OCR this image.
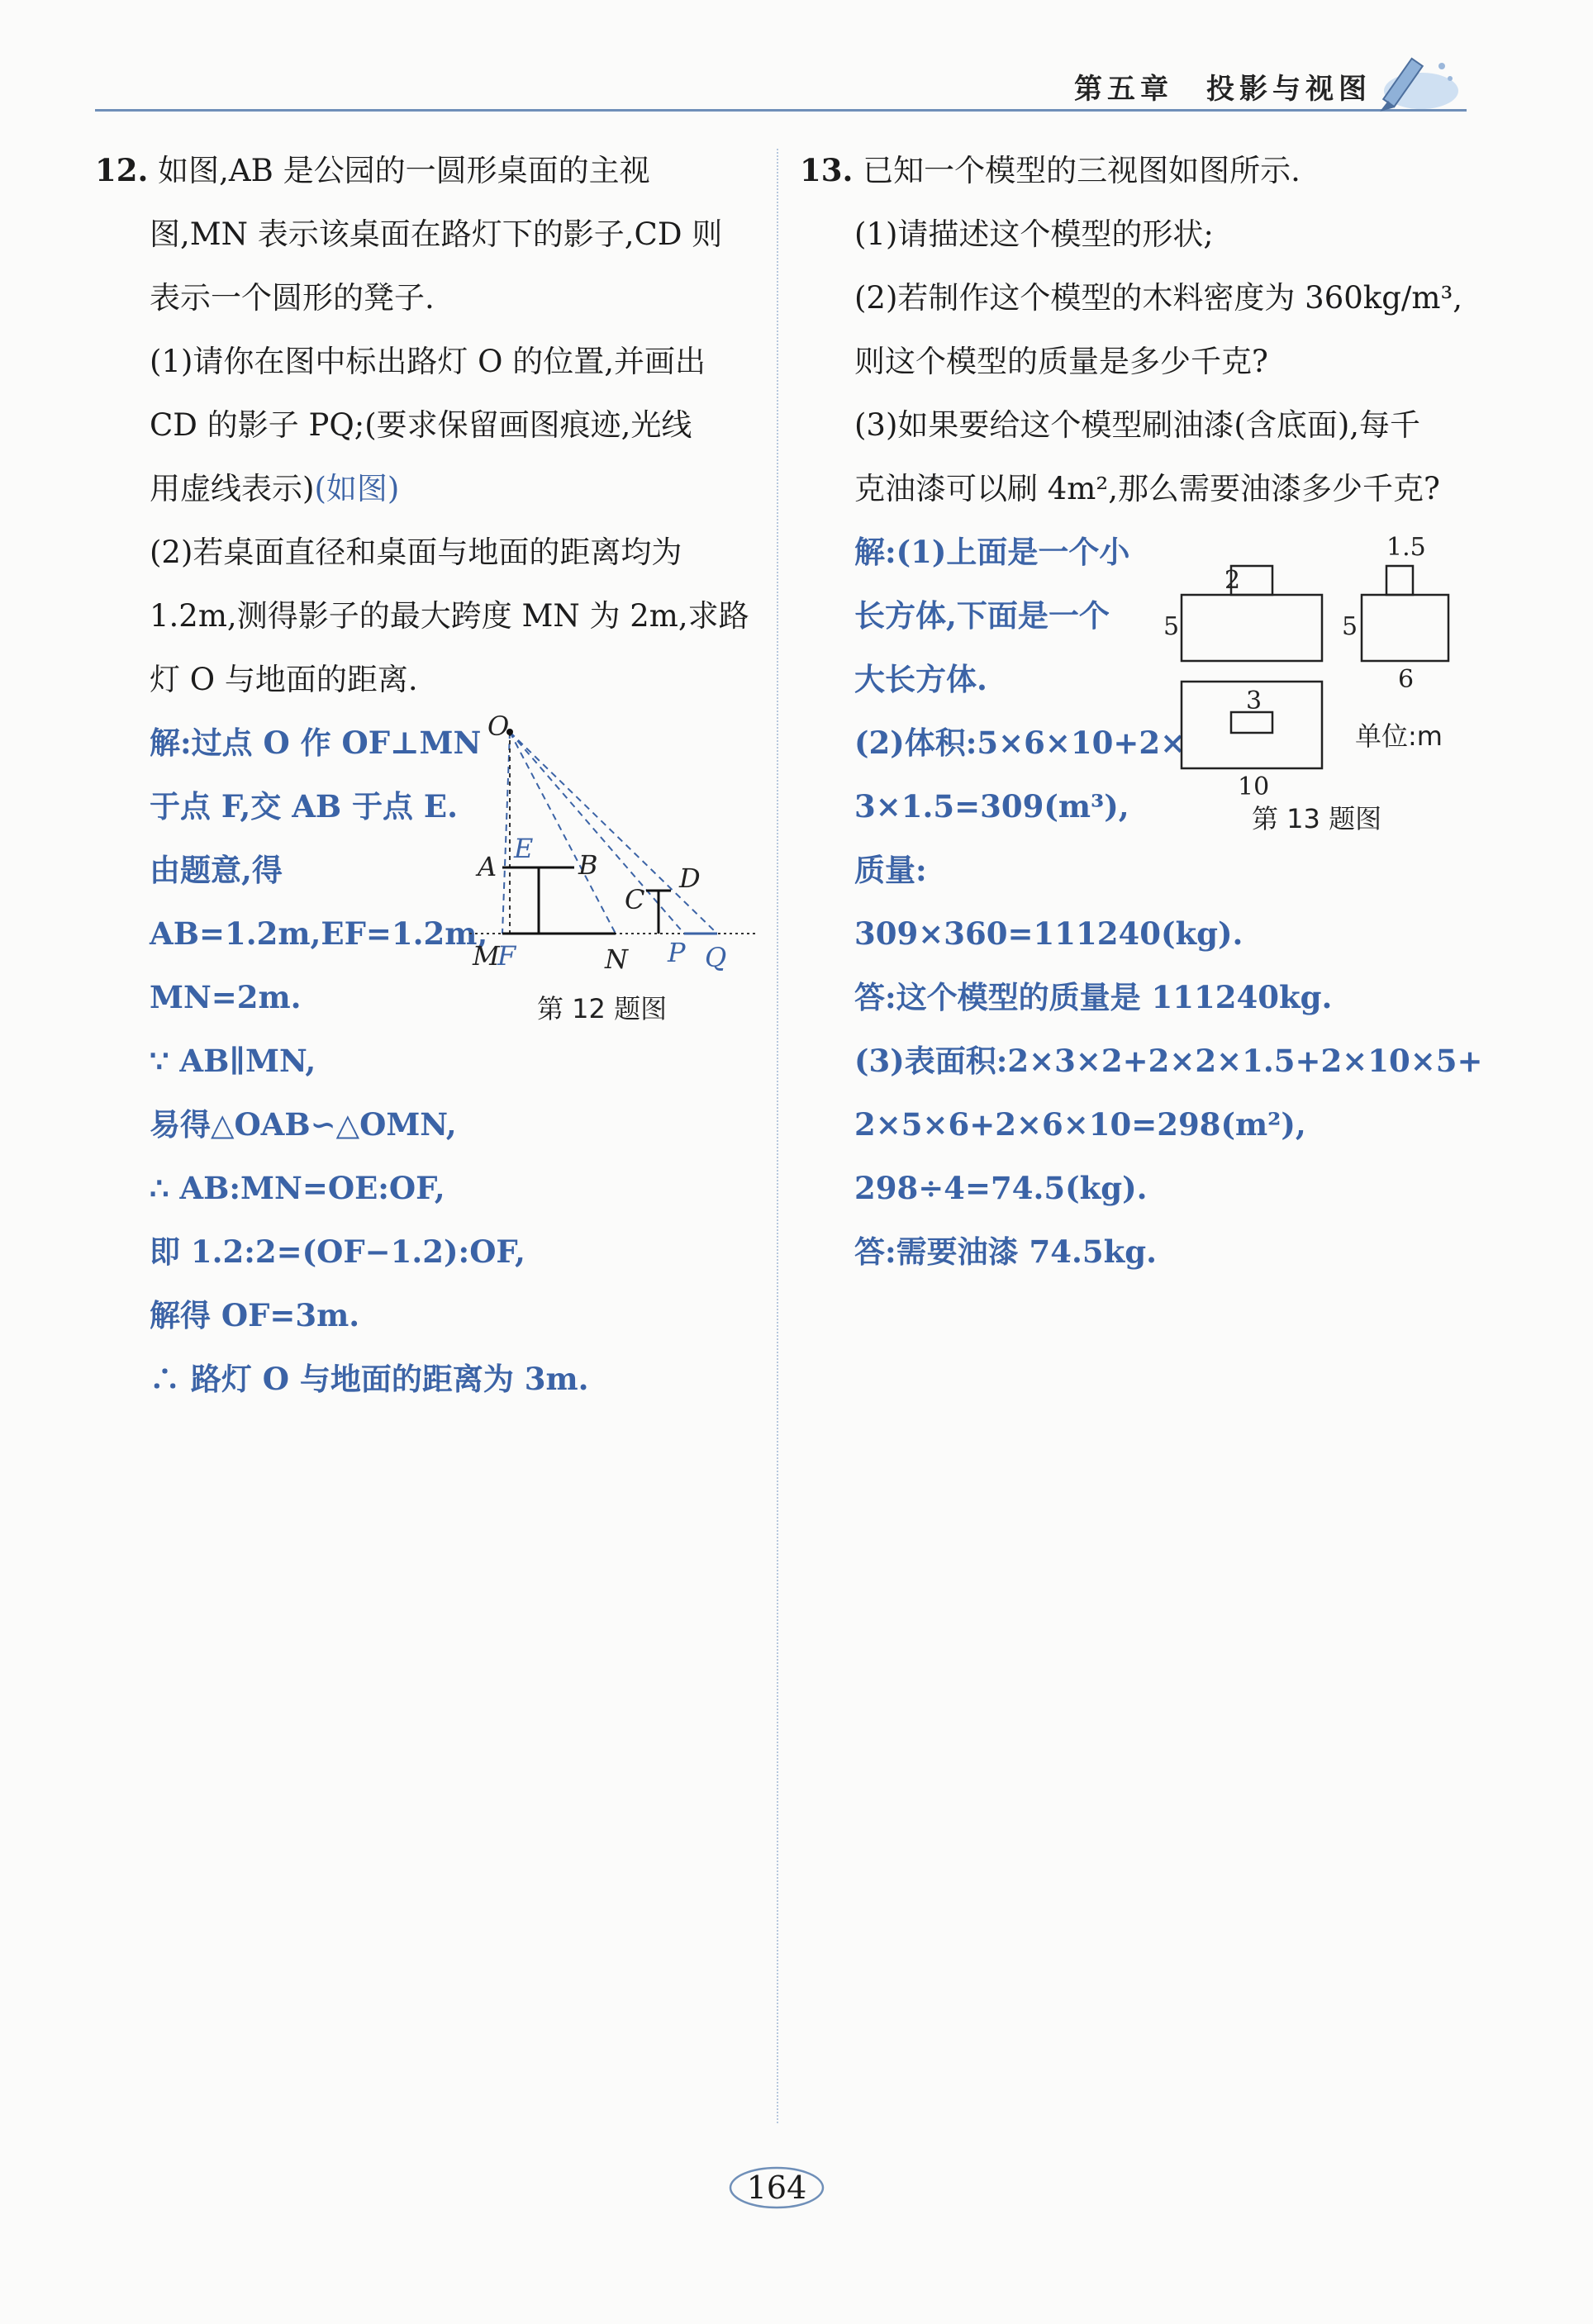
第五章　投影与视图
12. 如图,AB 是公园的一圆形桌面的主视
图,MN 表示该桌面在路灯下的影子,CD 则
表示一个圆形的凳子.
(1)请你在图中标出路灯 O 的位置,并画出
CD 的影子 PQ;(要求保留画图痕迹,光线
用虚线表示)(如图)
(2)若桌面直径和桌面与地面的距离均为
1.2m,测得影子的最大跨度 MN 为 2m,求路
灯 O 与地面的距离.
解:过点 O 作 OF⊥MN
于点 F,交 AB 于点 E.
由题意,得
AB=1.2m,EF=1.2m,
MN=2m.
∵ AB∥MN,
易得△OAB∽△OMN,
∴ AB:MN=OE:OF,
即 1.2:2=(OF−1.2):OF,
解得 OF=3m.
∴ 路灯 O 与地面的距离为 3m.
O
E
A	B
C
D
M
F	N P Q
第 12 题图
13. 已知一个模型的三视图如图所示.
(1)请描述这个模型的形状;
(2)若制作这个模型的木料密度为 360kg/m³,
则这个模型的质量是多少千克?
(3)如果要给这个模型刷油漆(含底面),每千
克油漆可以刷 4m²,那么需要油漆多少千克?
解:(1)上面是一个小
长方体,下面是一个
大长方体.
(2)体积:5×6×10+2×
3×1.5=309(m³),
质量:
309×360=111240(kg).
答:这个模型的质量是 111240kg.
(3)表面积:2×3×2+2×2×1.5+2×10×5+
2×5×6+2×6×10=298(m²),
298÷4=74.5(kg).
答:需要油漆 74.5kg.
2
5
1.5
5
6
3
10
单位:m
第 13 题图
164
